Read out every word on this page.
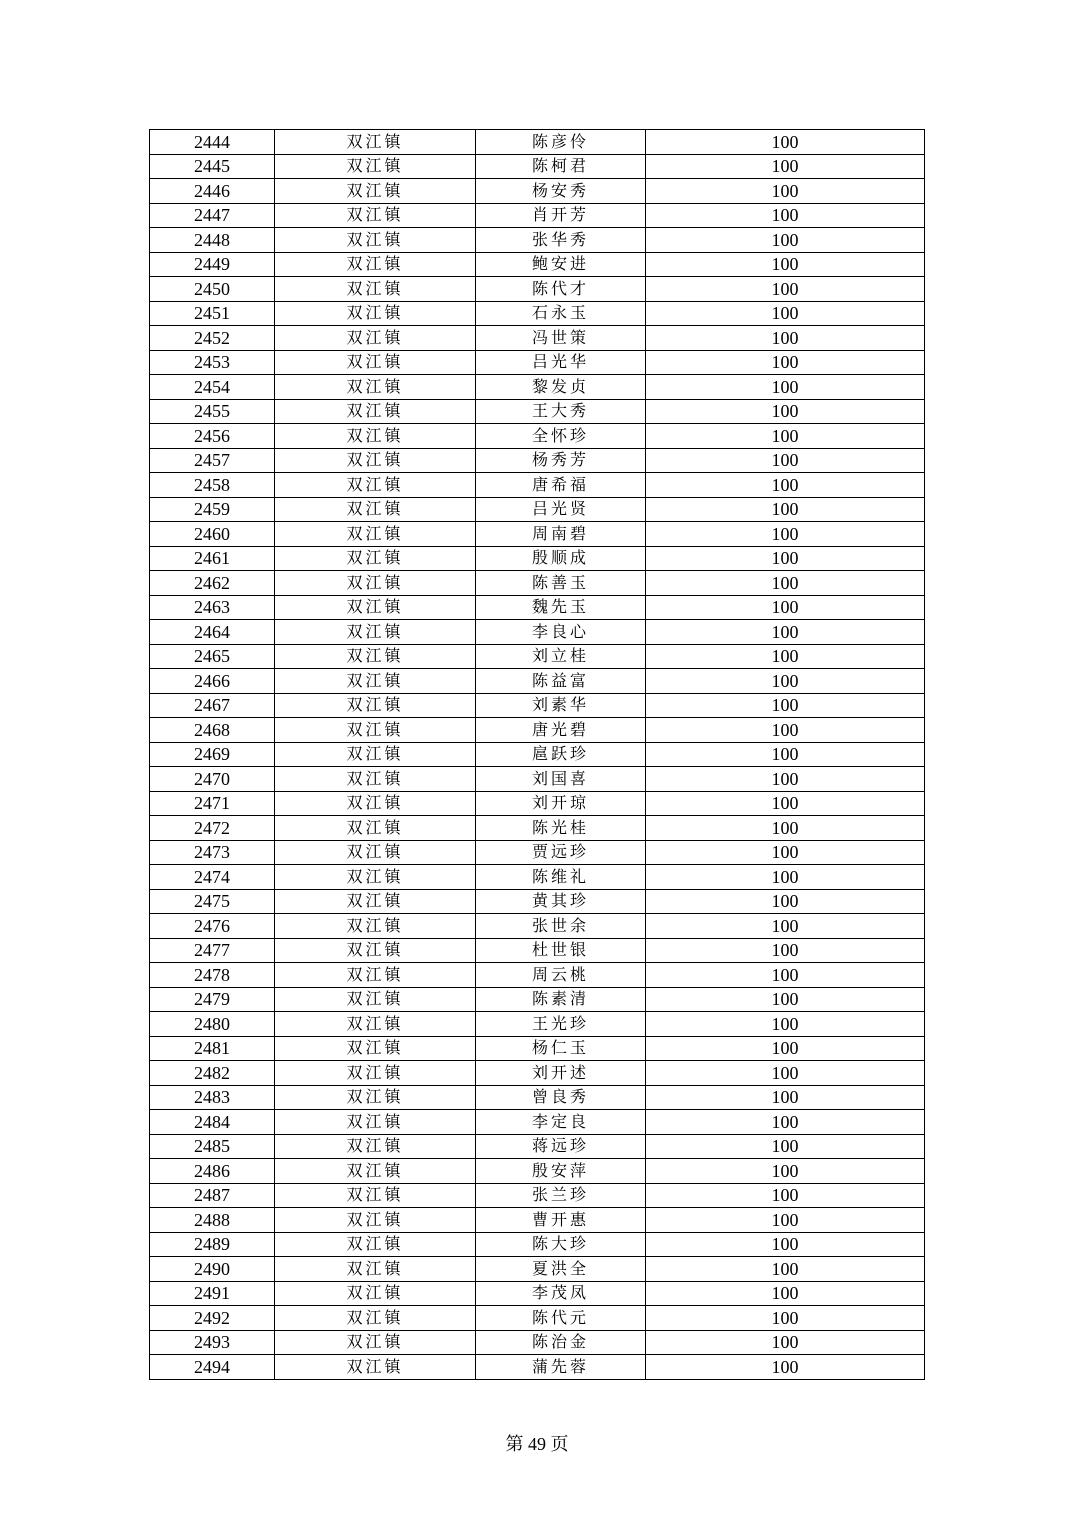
2444	双江镇	陈彦伶	100
2445	双江镇	陈柯君	100
2446	双江镇	杨安秀	100
2447	双江镇	肖开芳	100
2448	双江镇	张华秀	100
2449	双江镇	鲍安进	100
2450	双江镇	陈代才	100
2451	双江镇	石永玉	100
2452	双江镇	冯世策	100
2453	双江镇	吕光华	100
2454	双江镇	黎发贞	100
2455	双江镇	王大秀	100
2456	双江镇	全怀珍	100
2457	双江镇	杨秀芳	100
2458	双江镇	唐希福	100
2459	双江镇	吕光贤	100
2460	双江镇	周南碧	100
2461	双江镇	殷顺成	100
2462	双江镇	陈善玉	100
2463	双江镇	魏先玉	100
2464	双江镇	李良心	100
2465	双江镇	刘立桂	100
2466	双江镇	陈益富	100
2467	双江镇	刘素华	100
2468	双江镇	唐光碧	100
2469	双江镇	扈跃珍	100
2470	双江镇	刘国喜	100
2471	双江镇	刘开琼	100
2472	双江镇	陈光桂	100
2473	双江镇	贾远珍	100
2474	双江镇	陈维礼	100
2475	双江镇	黄其珍	100
2476	双江镇	张世余	100
2477	双江镇	杜世银	100
2478	双江镇	周云桃	100
2479	双江镇	陈素清	100
2480	双江镇	王光珍	100
2481	双江镇	杨仁玉	100
2482	双江镇	刘开述	100
2483	双江镇	曾良秀	100
2484	双江镇	李定良	100
2485	双江镇	蒋远珍	100
2486	双江镇	殷安萍	100
2487	双江镇	张兰珍	100
2488	双江镇	曹开惠	100
2489	双江镇	陈大珍	100
2490	双江镇	夏洪全	100
2491	双江镇	李茂凤	100
2492	双江镇	陈代元	100
2493	双江镇	陈治金	100
2494	双江镇	蒲先蓉	100
第 49 页
